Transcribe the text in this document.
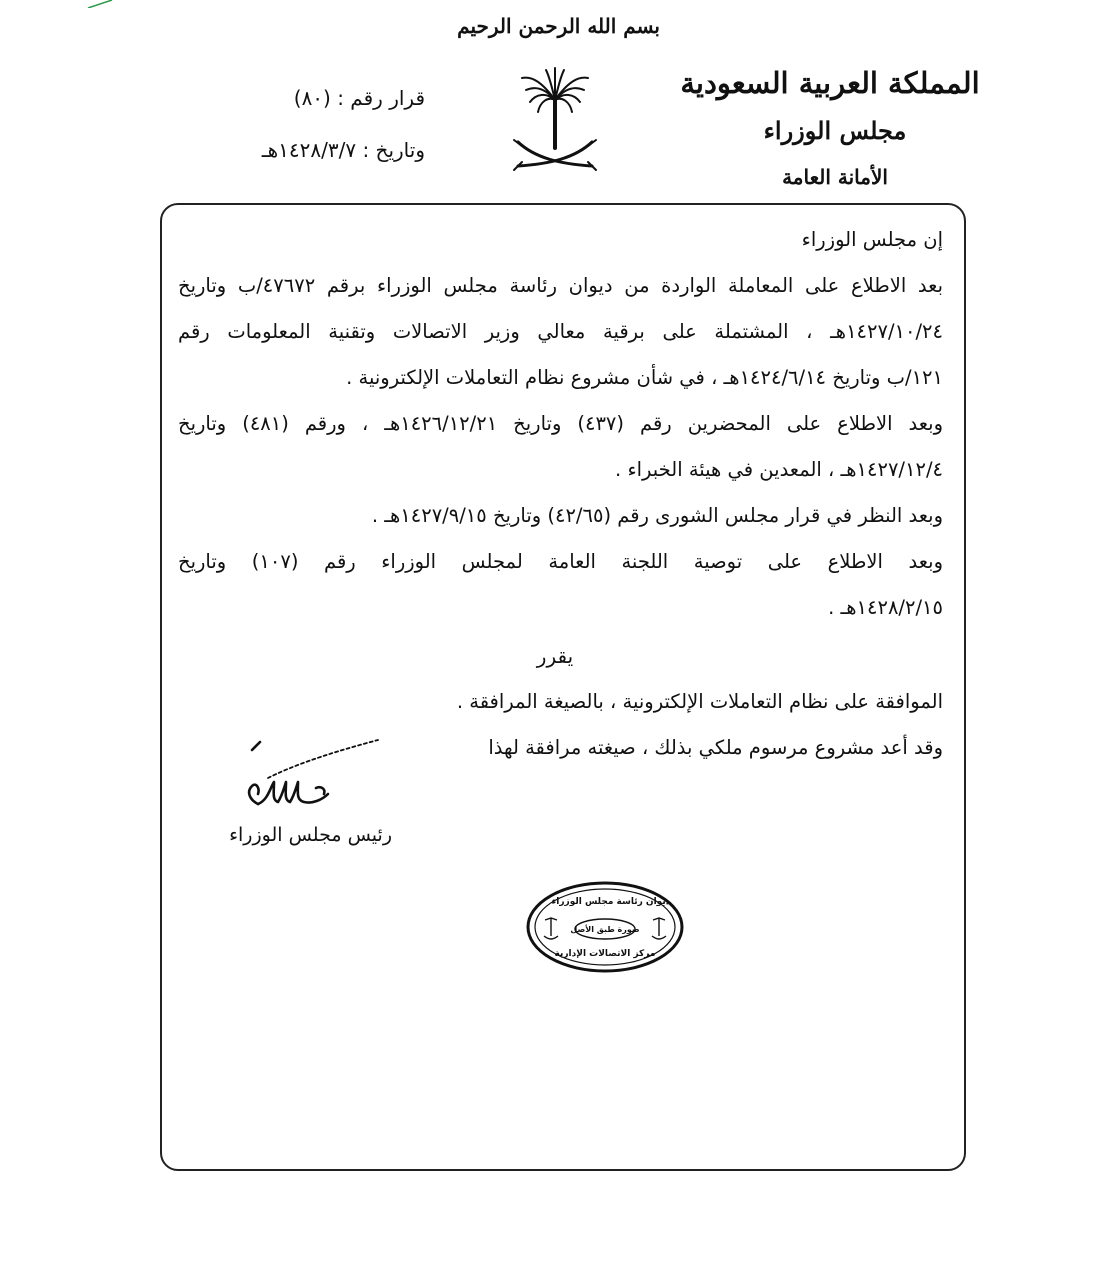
بسم الله الرحمن الرحيم
المملكة العربية السعودية
مجلس الوزراء
الأمانة العامة
قرار رقم : (٨٠)
وتاريخ : ١٤٢٨/٣/٧هـ
إن مجلس الوزراء
بعد الاطلاع على المعاملة الواردة من ديوان رئاسة مجلس الوزراء برقم ٤٧٦٧٢/ب وتاريخ
١٤٢٧/١٠/٢٤هـ ، المشتملة على برقية معالي وزير الاتصالات وتقنية المعلومات رقم
١٢١/ب وتاريخ ١٤٢٤/٦/١٤هـ ، في شأن مشروع نظام التعاملات الإلكترونية .
وبعد الاطلاع على المحضرين رقم (٤٣٧) وتاريخ ١٤٢٦/١٢/٢١هـ ، ورقم (٤٨١) وتاريخ
١٤٢٧/١٢/٤هـ ، المعدين في هيئة الخبراء .
وبعد النظر في قرار مجلس الشورى رقم (٤٢/٦٥) وتاريخ ١٤٢٧/٩/١٥هـ .
وبعد الاطلاع على توصية اللجنة العامة لمجلس الوزراء رقم (١٠٧) وتاريخ
١٤٢٨/٢/١٥هـ .
يقرر
الموافقة على نظام التعاملات الإلكترونية ، بالصيغة المرافقة .
وقد أعد مشروع مرسوم ملكي بذلك ، صيغته مرافقة لهذا
رئيس مجلس الوزراء
ديوان رئاسة مجلس الوزراء
صورة طبق الأصل
مركز الاتصالات الإدارية
